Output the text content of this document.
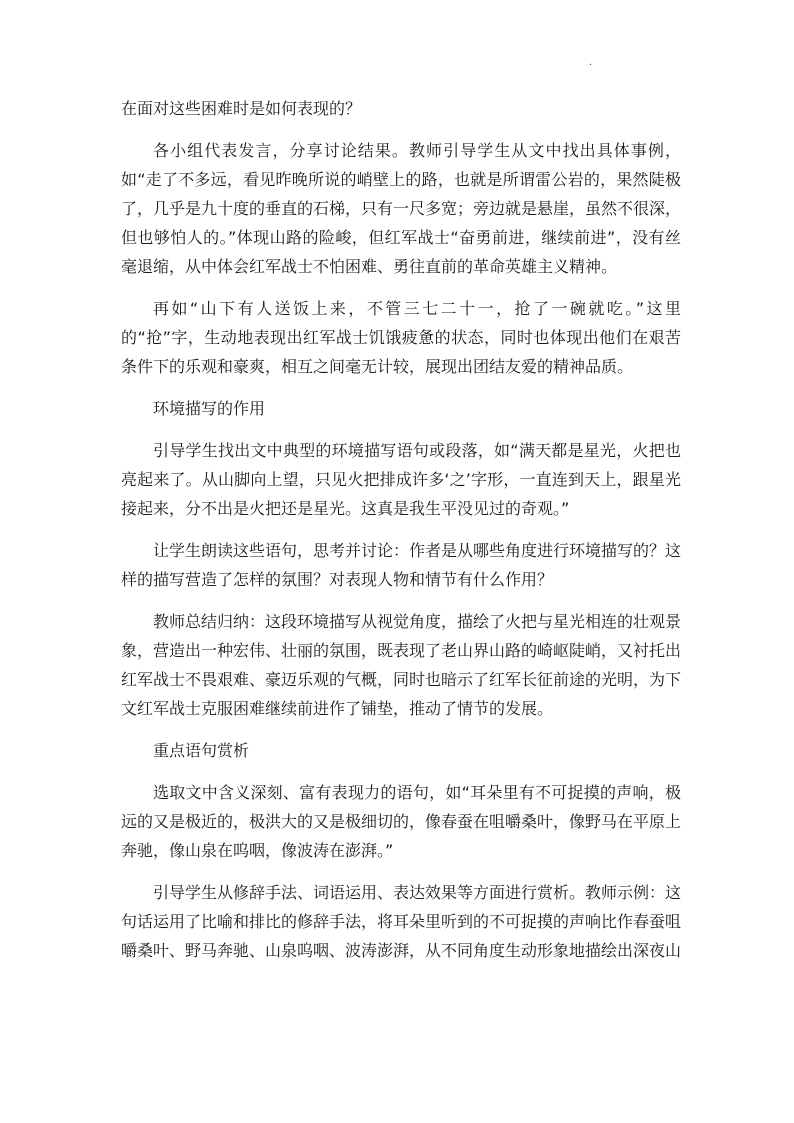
.

在面对这些困难时是如何表现的？

各小组代表发言，分享讨论结果。教师引导学生从文中找出具体事例，如“走了不多远，看见昨晚所说的峭壁上的路，也就是所谓雷公岩的，果然陡极了，几乎是九十度的垂直的石梯，只有一尺多宽；旁边就是悬崖，虽然不很深，但也够怕人的。”体现山路的险峻，但红军战士“奋勇前进，继续前进”，没有丝毫退缩，从中体会红军战士不怕困难、勇往直前的革命英雄主义精神。

再如“山下有人送饭上来，不管三七二十一，抢了一碗就吃。”这里的“抢”字，生动地表现出红军战士饥饿疲惫的状态，同时也体现出他们在艰苦条件下的乐观和豪爽，相互之间毫无计较，展现出团结友爱的精神品质。

环境描写的作用

引导学生找出文中典型的环境描写语句或段落，如“满天都是星光，火把也亮起来了。从山脚向上望，只见火把排成许多‘之’字形，一直连到天上，跟星光接起来，分不出是火把还是星光。这真是我生平没见过的奇观。”

让学生朗读这些语句，思考并讨论：作者是从哪些角度进行环境描写的？这样的描写营造了怎样的氛围？对表现人物和情节有什么作用？

教师总结归纳：这段环境描写从视觉角度，描绘了火把与星光相连的壮观景象，营造出一种宏伟、壮丽的氛围，既表现了老山界山路的崎岖陡峭，又衬托出红军战士不畏艰难、豪迈乐观的气概，同时也暗示了红军长征前途的光明，为下文红军战士克服困难继续前进作了铺垫，推动了情节的发展。

重点语句赏析

选取文中含义深刻、富有表现力的语句，如“耳朵里有不可捉摸的声响，极远的又是极近的，极洪大的又是极细切的，像春蚕在咀嚼桑叶，像野马在平原上奔驰，像山泉在呜咽，像波涛在澎湃。”

引导学生从修辞手法、词语运用、表达效果等方面进行赏析。教师示例：这句话运用了比喻和排比的修辞手法，将耳朵里听到的不可捉摸的声响比作春蚕咀嚼桑叶、野马奔驰、山泉呜咽、波涛澎湃，从不同角度生动形象地描绘出深夜山
